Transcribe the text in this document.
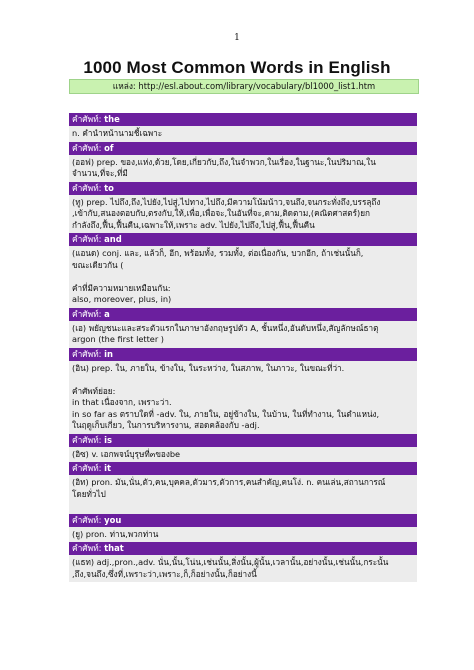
1
1000 Most Common Words in English
แหล่ง: http://esl.about.com/library/vocabulary/bl1000_list1.htm
คำศัพท์: the
n. คำนำหน้านามชี้เฉพาะ

คำศัพท์: of
(ออฟ) prep. ของ,แห่ง,ด้วย,โดย,เกี่ยวกับ,ถึง,ในจำพวก,ในเรื่อง,ในฐานะ,ในปริมาณ,ใน
จำนวน,ที่จะ,ที่มี
คำศัพท์: to
(ทู) prep. ไปถึง,ถึง,ไปยัง,ไปสู่,ไปทาง,ไปถึง,มีความโน้มน้าว,จนถึง,จนกระทั่งถึง,บรรลุถึง
,เข้ากับ,สนองตอบกับ,ตรงกับ,ให้,เพื่อ,เพื่อจะ,ในอันที่จะ,ตาม,ติดตาม,(คณิตศาสตร์)ยก
กำลังถึง,ฟื้น,ฟื้นคืน,เฉพาะให้,เพราะ adv. ไปยัง,ไปถึง,ไปสู่,ฟื้น,ฟื้นคืน
คำศัพท์: and
(แอนด) conj. และ, แล้วก็, อีก, พร้อมทั้ง, รวมทั้ง, ต่อเนื่องกัน, บวกอีก, ถ้าเช่นนั้นก็,
ขณะเดียวกัน (

คำที่มีความหมายเหมือนกัน:
also, moreover, plus, in)
คำศัพท์: a
(เอ) พยัญชนะและสระตัวแรกในภาษาอังกฤษรูปตัว A, ชั้นหนึ่ง,อันดับหนึ่ง,สัญลักษณ์ธาตุ
argon (the first letter )

คำศัพท์: in
(อิน) prep. ใน, ภายใน, ข้างใน, ในระหว่าง, ในสภาพ, ในภาวะ, ในขณะที่ว่า.

คำศัพท์ย่อย:
in that เนื่องจาก, เพราะว่า.
in so far as ตราบใดที่ -adv. ใน, ภายใน, อยู่ข้างใน, ในบ้าน, ในที่ทำงาน, ในตำแหน่ง,
ในฤดูเก็บเกี่ยว, ในการบริหารงาน, สอดคล้องกับ -adj.
คำศัพท์: is
(อิซ) v. เอกพจน์บุรุษที่๓ของbe
คำศัพท์: it
(อิท) pron. มัน,นั่น,ตัว,คน,บุคคล,ตัวมาร,ตัวการ,คนสำคัญ,คนโง่. n. คนเล่น,สถานการณ์
โดยทั่วไป

คำศัพท์: you
(ยู) pron. ท่าน,พวกท่าน
คำศัพท์: that
(แธท) adj.,pron.,adv. นั่น,นั้น,โน่น,เช่นนั้น,สิ่งนั้น,ผู้นั้น,เวลานั้น,อย่างนั้น,เช่นนั้น,กระนั้น
,ถึง,จนถึง,ซึ่งที่,เพราะว่า,เพราะ,ก็,ก็อย่างนั้น,ก็อย่างนี้
